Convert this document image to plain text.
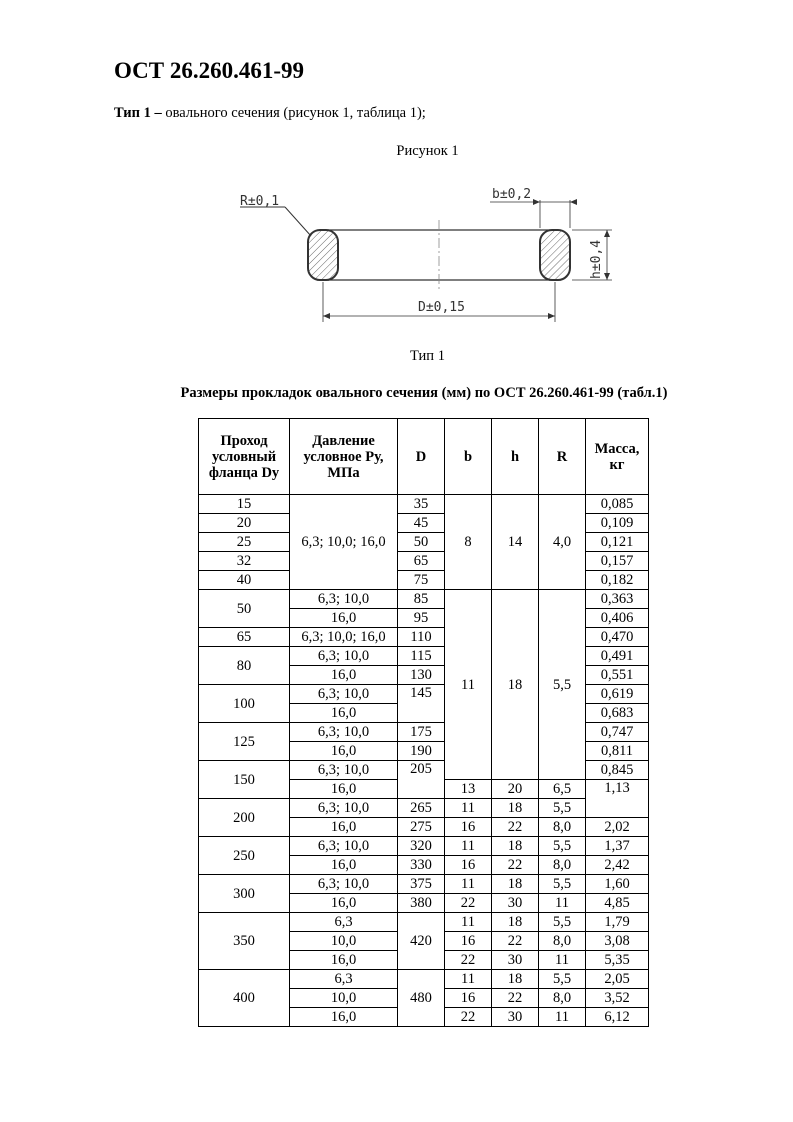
ОСТ 26.260.461-99
Тип 1 – овального сечения (рисунок 1, таблица 1);
Рисунок 1
R±0,1	b±0,2
D±0,15
h±0,4
Тип 1
Размеры прокладок овального сечения (мм) по ОСТ 26.260.461-99 (табл.1)
Проход условный фланца Dy	Давление условное Ру, МПа	D	b	h	R	Масса, кг
15	6,3; 10,0; 16,0	35	8	14	4,0	0,085
20		45				0,109
25		50				0,121
32		65				0,157
40		75				0,182
50	6,3; 10,0	85	11	18	5,5	0,363
	16,0	95				0,406
65	6,3; 10,0; 16,0	110				0,470
80	6,3; 10,0	115				0,491
	16,0	130				0,551
100	6,3; 10,0	145				0,619
	16,0					0,683
125	6,3; 10,0	175				0,747
	16,0	190				0,811
150	6,3; 10,0	205				0,845
	16,0		13	20	6,5	1,13
200	6,3; 10,0	265	11	18	5,5	
	16,0	275	16	22	8,0	2,02
250	6,3; 10,0	320	11	18	5,5	1,37
	16,0	330	16	22	8,0	2,42
300	6,3; 10,0	375	11	18	5,5	1,60
	16,0	380	22	30	11	4,85
350	6,3	420	11	18	5,5	1,79
	10,0		16	22	8,0	3,08
	16,0		22	30	11	5,35
400	6,3	480	11	18	5,5	2,05
	10,0		16	22	8,0	3,52
	16,0		22	30	11	6,12
